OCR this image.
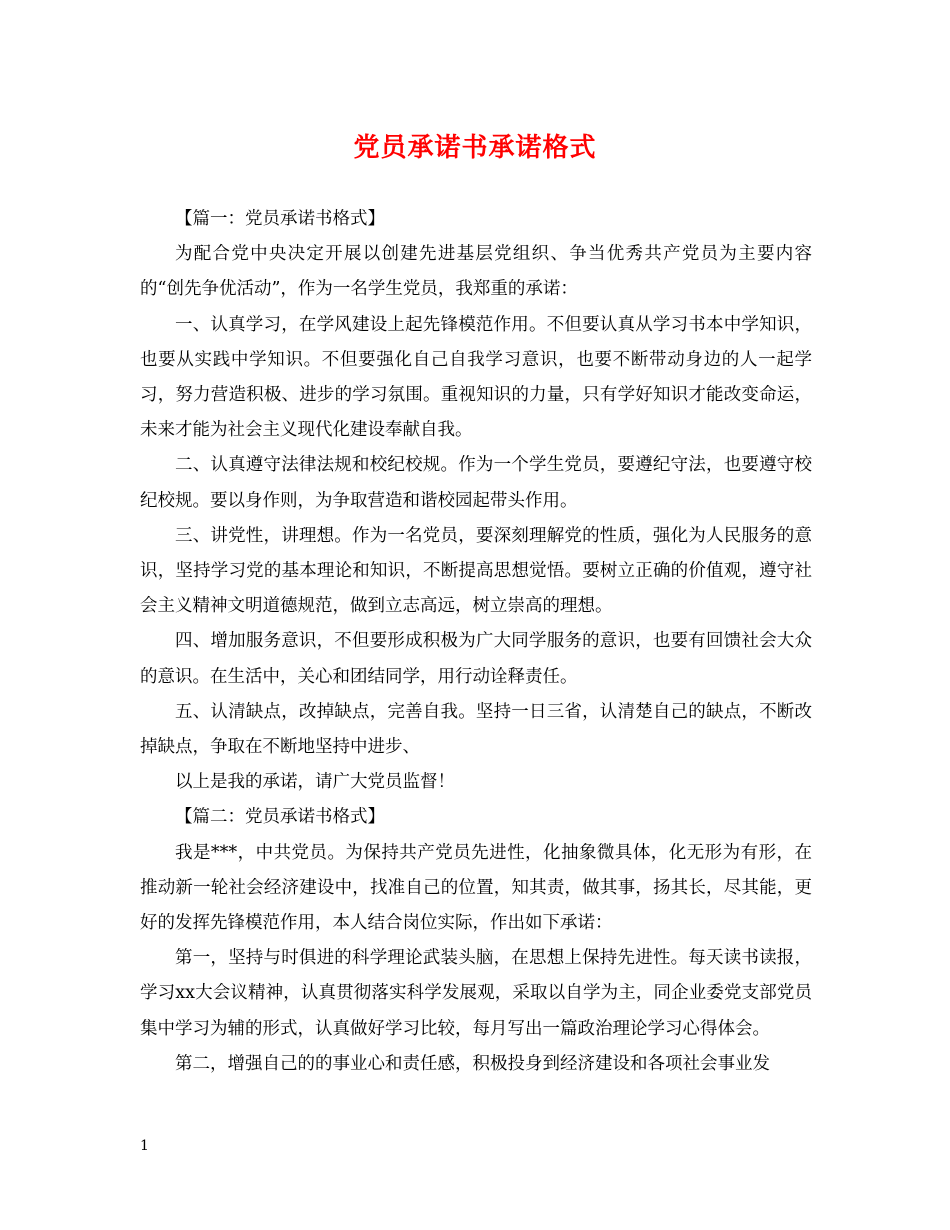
党员承诺书承诺格式

【篇一：党员承诺书格式】

为配合党中央决定开展以创建先进基层党组织、争当优秀共产党员为主要内容的“创先争优活动”，作为一名学生党员，我郑重的承诺：

一、认真学习，在学风建设上起先锋模范作用。不但要认真从学习书本中学知识，也要从实践中学知识。不但要强化自己自我学习意识，也要不断带动身边的人一起学习，努力营造积极、进步的学习氛围。重视知识的力量，只有学好知识才能改变命运，未来才能为社会主义现代化建设奉献自我。

二、认真遵守法律法规和校纪校规。作为一个学生党员，要遵纪守法，也要遵守校纪校规。要以身作则，为争取营造和谐校园起带头作用。

三、讲党性，讲理想。作为一名党员，要深刻理解党的性质，强化为人民服务的意识，坚持学习党的基本理论和知识，不断提高思想觉悟。要树立正确的价值观，遵守社会主义精神文明道德规范，做到立志高远，树立崇高的理想。

四、增加服务意识，不但要形成积极为广大同学服务的意识，也要有回馈社会大众的意识。在生活中，关心和团结同学，用行动诠释责任。

五、认清缺点，改掉缺点，完善自我。坚持一日三省，认清楚自己的缺点，不断改掉缺点，争取在不断地坚持中进步、

以上是我的承诺，请广大党员监督！

【篇二：党员承诺书格式】

我是***，中共党员。为保持共产党员先进性，化抽象微具体，化无形为有形，在推动新一轮社会经济建设中，找准自己的位置，知其责，做其事，扬其长，尽其能，更好的发挥先锋模范作用，本人结合岗位实际，作出如下承诺：

第一，坚持与时俱进的科学理论武装头脑，在思想上保持先进性。每天读书读报，学习xx大会议精神，认真贯彻落实科学发展观，采取以自学为主，同企业委党支部党员集中学习为辅的形式，认真做好学习比较，每月写出一篇政治理论学习心得体会。

第二，增强自己的的事业心和责任感，积极投身到经济建设和各项社会事业发

1
